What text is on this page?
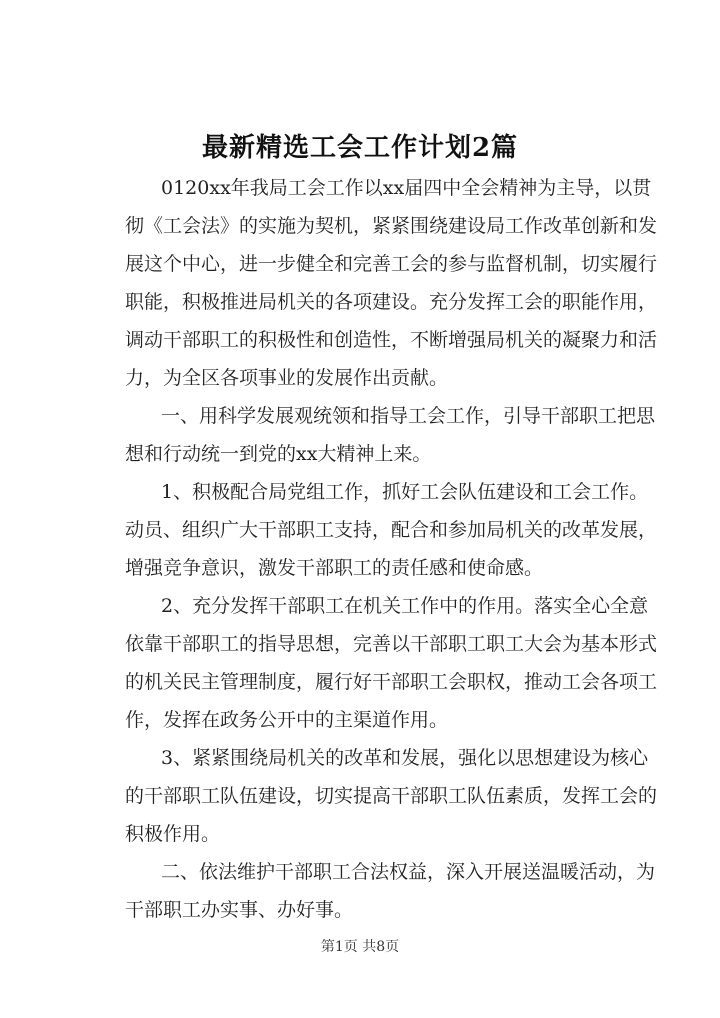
最新精选工会工作计划2篇
0120xx年我局工会工作以xx届四中全会精神为主导，以贯
彻《工会法》的实施为契机，紧紧围绕建设局工作改革创新和发
展这个中心，进一步健全和完善工会的参与监督机制，切实履行
职能，积极推进局机关的各项建设。充分发挥工会的职能作用，
调动干部职工的积极性和创造性，不断增强局机关的凝聚力和活
力，为全区各项事业的发展作出贡献。
一、用科学发展观统领和指导工会工作，引导干部职工把思
想和行动统一到党的xx大精神上来。
1、积极配合局党组工作，抓好工会队伍建设和工会工作。
动员、组织广大干部职工支持，配合和参加局机关的改革发展，
增强竞争意识，激发干部职工的责任感和使命感。
2、充分发挥干部职工在机关工作中的作用。落实全心全意
依靠干部职工的指导思想，完善以干部职工职工大会为基本形式
的机关民主管理制度，履行好干部职工会职权，推动工会各项工
作，发挥在政务公开中的主渠道作用。
3、紧紧围绕局机关的改革和发展，强化以思想建设为核心
的干部职工队伍建设，切实提高干部职工队伍素质，发挥工会的
积极作用。
二、依法维护干部职工合法权益，深入开展送温暖活动，为
干部职工办实事、办好事。
第1页 共8页
